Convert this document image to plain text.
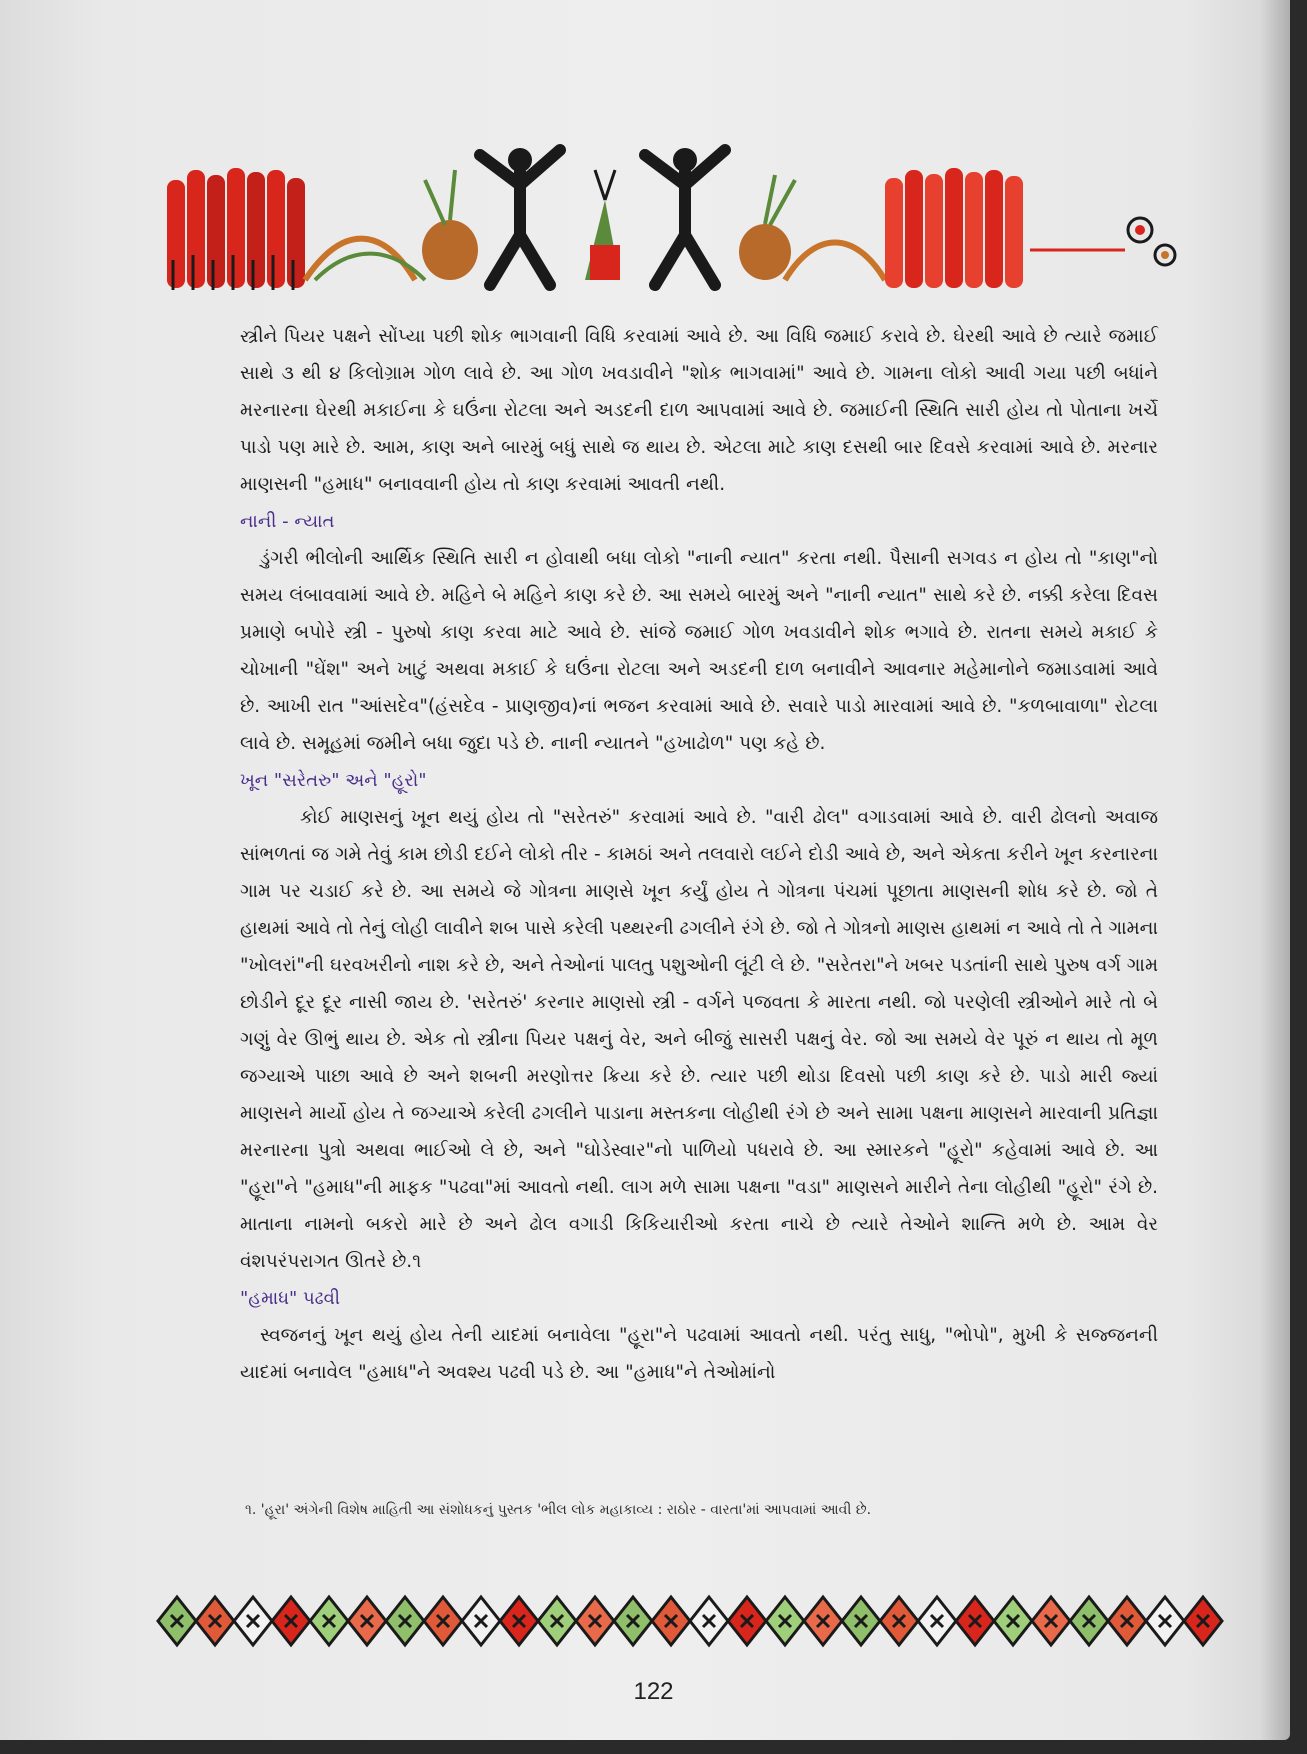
સ્ત્રીને પિયર પક્ષને સોંપ્યા પછી શોક ભાગવાની વિધિ કરવામાં આવે છે. આ વિધિ જમાઈ કરાવે છે. ઘેરથી આવે છે ત્યારે જમાઈ સાથે ૩ થી ૪ કિલોગ્રામ ગોળ લાવે છે. આ ગોળ ખવડાવીને "શોક ભાગવામાં" આવે છે. ગામના લોકો આવી ગયા પછી બધાંને મરનારના ઘેરથી મકાઈના કે ઘઉંના રોટલા અને અડદની દાળ આપવામાં આવે છે. જમાઈની સ્થિતિ સારી હોય તો પોતાના ખર્ચે પાડો પણ મારે છે. આમ, કાણ અને બારમું બધું સાથે જ થાય છે. એટલા માટે કાણ દસથી બાર દિવસે કરવામાં આવે છે. મરનાર માણસની "હમાધ" બનાવવાની હોય તો કાણ કરવામાં આવતી નથી.

નાની - ન્યાત

ડુંગરી ભીલોની આર્થિક સ્થિતિ સારી ન હોવાથી બધા લોકો "નાની ન્યાત" કરતા નથી. પૈસાની સગવડ ન હોય તો "કાણ"નો સમય લંબાવવામાં આવે છે. મહિને બે મહિને કાણ કરે છે. આ સમયે બારમું અને "નાની ન્યાત" સાથે કરે છે. નક્કી કરેલા દિવસ પ્રમાણે બપોરે સ્ત્રી - પુરુષો કાણ કરવા માટે આવે છે. સાંજે જમાઈ ગોળ ખવડાવીને શોક ભગાવે છે. રાતના સમયે મકાઈ કે ચોખાની "ઘેંશ" અને ખાટું અથવા મકાઈ કે ઘઉંના રોટલા અને અડદની દાળ બનાવીને આવનાર મહેમાનોને જમાડવામાં આવે છે. આખી રાત "આંસદેવ"(હંસદેવ - પ્રાણજીવ)નાં ભજન કરવામાં આવે છે. સવારે પાડો મારવામાં આવે છે. "કળબાવાળા" રોટલા લાવે છે. સમૂહમાં જમીને બધા જુદા પડે છે. નાની ન્યાતને "હખાઢોળ" પણ કહે છે.

ખૂન "સરેતરુ" અને "હૂરો"

કોઈ માણસનું ખૂન થયું હોય તો "સરેતરું" કરવામાં આવે છે. "વારી ઢોલ" વગાડવામાં આવે છે. વારી ઢોલનો અવાજ સાંભળતાં જ ગમે તેવું કામ છોડી દઈને લોકો તીર - કામઠાં અને તલવારો લઈને દોડી આવે છે, અને એકતા કરીને ખૂન કરનારના ગામ પર ચડાઈ કરે છે. આ સમયે જે ગોત્રના માણસે ખૂન કર્યું હોય તે ગોત્રના પંચમાં પૂછાતા માણસની શોધ કરે છે. જો તે હાથમાં આવે તો તેનું લોહી લાવીને શબ પાસે કરેલી પથ્થરની ઢગલીને રંગે છે. જો તે ગોત્રનો માણસ હાથમાં ન આવે તો તે ગામના "ખોલરાં"ની ઘરવખરીનો નાશ કરે છે, અને તેઓનાં પાલતુ પશુઓની લૂંટી લે છે. "સરેતરા"ને ખબર પડતાંની સાથે પુરુષ વર્ગ ગામ છોડીને દૂર દૂર નાસી જાય છે. 'સરેતરું' કરનાર માણસો સ્ત્રી - વર્ગને પજવતા કે મારતા નથી. જો પરણેલી સ્ત્રીઓને મારે તો બે ગણું વેર ઊભું થાય છે. એક તો સ્ત્રીના પિયર પક્ષનું વેર, અને બીજું સાસરી પક્ષનું વેર. જો આ સમયે વેર પૂરું ન થાય તો મૂળ જગ્યાએ પાછા આવે છે અને શબની મરણોત્તર ક્રિયા કરે છે. ત્યાર પછી થોડા દિવસો પછી કાણ કરે છે. પાડો મારી જ્યાં માણસને માર્યો હોય તે જગ્યાએ કરેલી ઢગલીને પાડાના મસ્તકના લોહીથી રંગે છે અને સામા પક્ષના માણસને મારવાની પ્રતિજ્ઞા મરનારના પુત્રો અથવા ભાઈઓ લે છે, અને "ઘોડેસ્વાર"નો પાળિયો પધરાવે છે. આ સ્મારકને "હૂરો" કહેવામાં આવે છે. આ "હૂરા"ને "હમાધ"ની માફક "પઢવા"માં આવતો નથી. લાગ મળે સામા પક્ષના "વડા" માણસને મારીને તેના લોહીથી "હૂરો" રંગે છે. માતાના નામનો બકરો મારે છે અને ઢોલ વગાડી કિકિયારીઓ કરતા નાચે છે ત્યારે તેઓને શાન્તિ મળે છે. આમ વેર વંશપરંપરાગત ઊતરે છે.૧

"હમાધ" પઢવી

સ્વજનનું ખૂન થયું હોય તેની યાદમાં બનાવેલા "હૂરા"ને પઢવામાં આવતો નથી. પરંતુ સાધુ, "ભોપો", મુખી કે સજ્જનની યાદમાં બનાવેલ "હમાધ"ને અવશ્ય પઢવી પડે છે. આ "હમાધ"ને તેઓમાંનો

૧. 'હૂરા' અંગેની વિશેષ માહિતી આ સંશોધકનું પુસ્તક 'ભીલ લોક મહાકાવ્ય : રાઠોર - વારતા'માં આપવામાં આવી છે.
122
